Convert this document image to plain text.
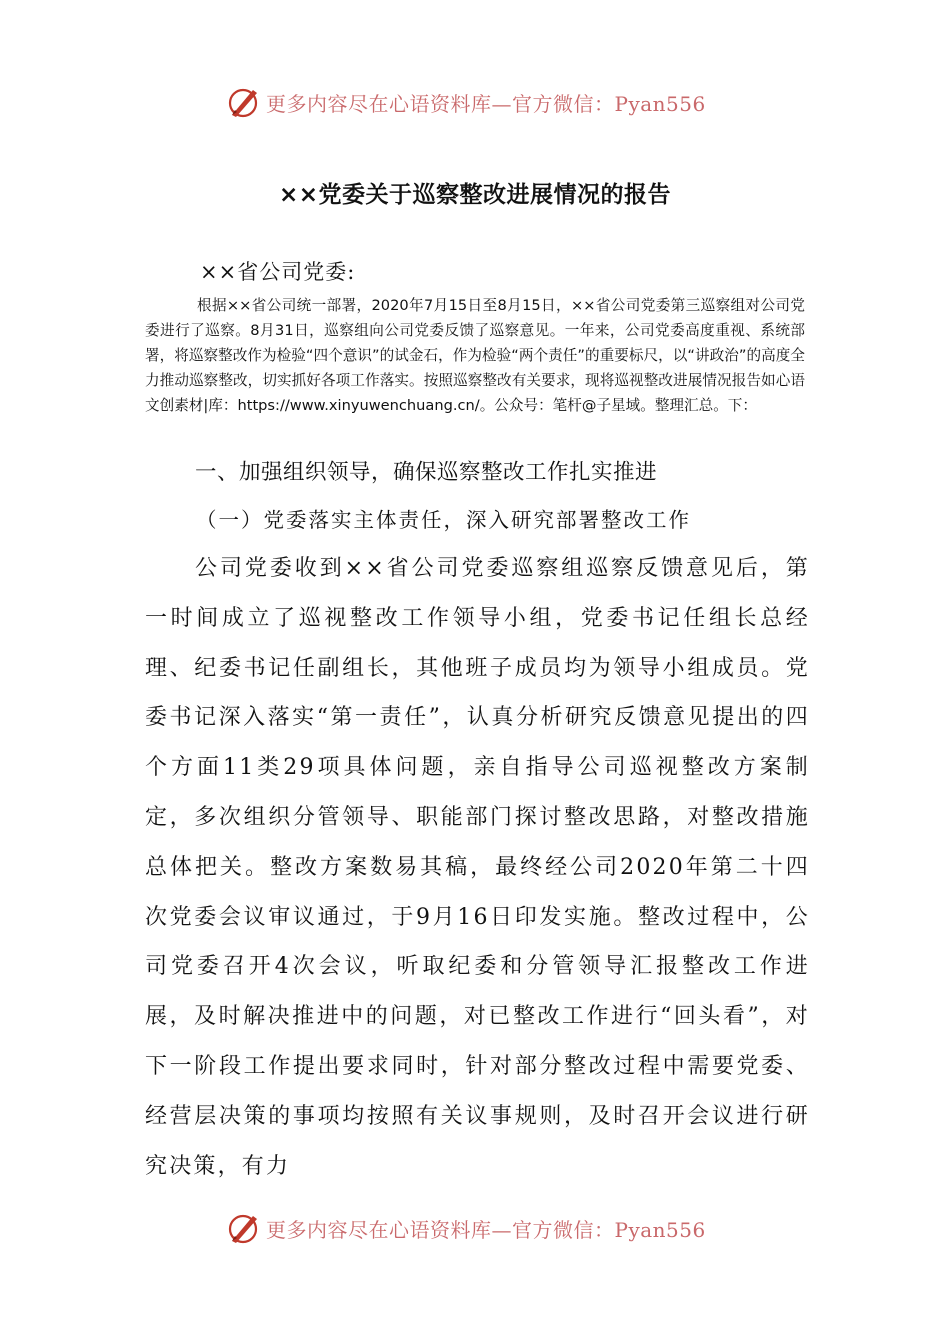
更多内容尽在心语资料库—官方微信：Pyan556
××党委关于巡察整改进展情况的报告
××省公司党委:
根据××省公司统一部署，2020年7月15日至8月15日，××省公司党委第三巡察组对公司党委进行了巡察。8月31日，巡察组向公司党委反馈了巡察意见。一年来，公司党委高度重视、系统部署，将巡察整改作为检验“四个意识”的试金石，作为检验“两个责任”的重要标尺，以“讲政治”的高度全力推动巡察整改，切实抓好各项工作落实。按照巡察整改有关要求，现将巡视整改进展情况报告如心语文创素材|库：https://www.xinyuwenchuang.cn/。公众号：笔杆@子星域。整理汇总。下：
一、加强组织领导，确保巡察整改工作扎实推进
（一）党委落实主体责任，深入研究部署整改工作
公司党委收到××省公司党委巡察组巡察反馈意见后，第一时间成立了巡视整改工作领导小组，党委书记任组长总经理、纪委书记任副组长，其他班子成员均为领导小组成员。党委书记深入落实“第一责任”，认真分析研究反馈意见提出的四个方面11类29项具体问题，亲自指导公司巡视整改方案制定，多次组织分管领导、职能部门探讨整改思路，对整改措施总体把关。整改方案数易其稿，最终经公司2020年第二十四次党委会议审议通过，于9月16日印发实施。整改过程中，公司党委召开4次会议，听取纪委和分管领导汇报整改工作进展，及时解决推进中的问题，对已整改工作进行“回头看”，对下一阶段工作提出要求同时，针对部分整改过程中需要党委、经营层决策的事项均按照有关议事规则，及时召开会议进行研究决策，有力
更多内容尽在心语资料库—官方微信：Pyan556
